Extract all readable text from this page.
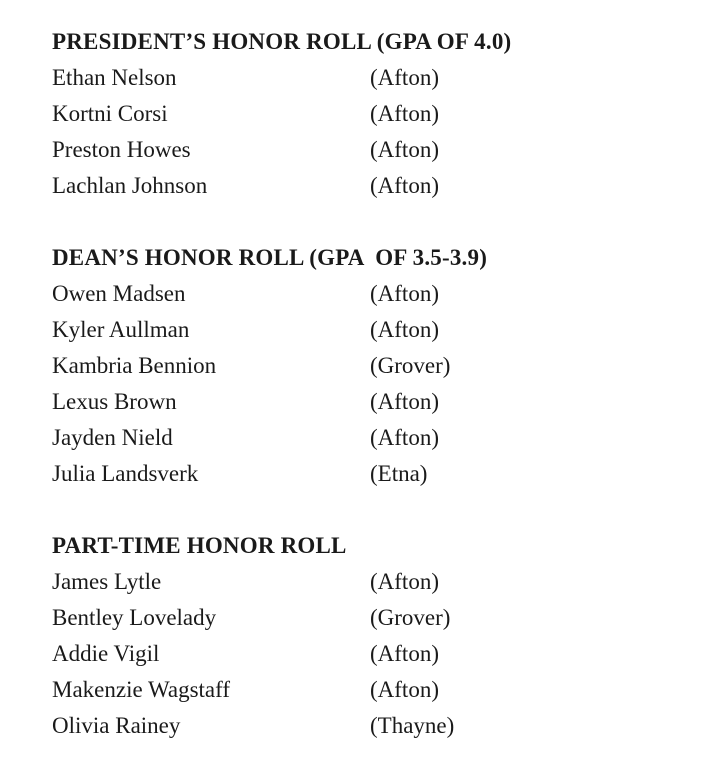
PRESIDENT’S HONOR ROLL (GPA OF 4.0)
Ethan Nelson	(Afton)
Kortni Corsi	(Afton)
Preston Howes	(Afton)
Lachlan Johnson	(Afton)
DEAN’S HONOR ROLL (GPA  OF 3.5-3.9)
Owen Madsen	(Afton)
Kyler Aullman	(Afton)
Kambria Bennion	(Grover)
Lexus Brown	(Afton)
Jayden Nield	(Afton)
Julia Landsverk	(Etna)
PART-TIME HONOR ROLL
James Lytle	(Afton)
Bentley Lovelady	(Grover)
Addie Vigil	(Afton)
Makenzie Wagstaff	(Afton)
Olivia Rainey	(Thayne)
